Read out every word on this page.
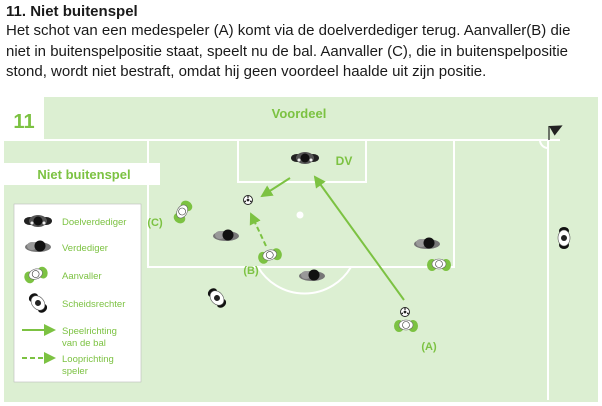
11. Niet buitenspel
Het schot van een medespeler (A) komt via de doelverdediger terug. Aanvaller(B) die niet in buitenspelpositie staat, speelt nu de bal. Aanvaller (C), die in buitenspelpositie stond, wordt niet bestraft, omdat hij geen voordeel haalde uit zijn positie.
11	Voordeel
Niet buitenspel
Doelverdediger
Verdediger
Aanvaller
Scheidsrechter
Speelrichting
van de bal
Looprichting
speler
DV
(C)
(B)
(A)
